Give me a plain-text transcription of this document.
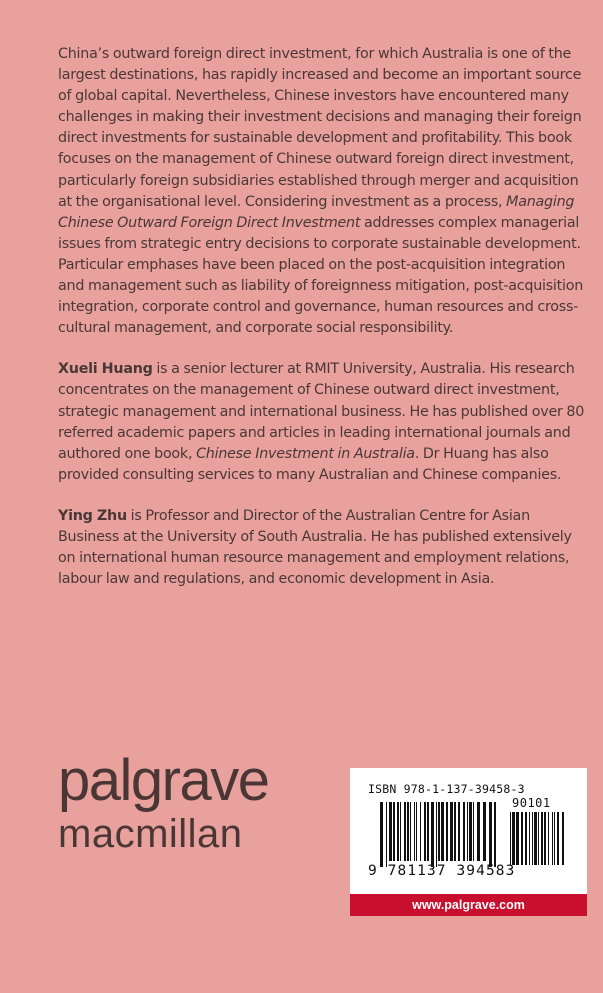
China’s outward foreign direct investment, for which Australia is one of the largest destinations, has rapidly increased and become an important source of global capital. Nevertheless, Chinese investors have encountered many challenges in making their investment decisions and managing their foreign direct investments for sustainable development and profitability. This book focuses on the management of Chinese outward foreign direct investment, particularly foreign subsidiaries established through merger and acquisition at the organisational level. Considering investment as a process, Managing Chinese Outward Foreign Direct Investment addresses complex managerial issues from strategic entry decisions to corporate sustainable development. Particular emphases have been placed on the post-acquisition integration and management such as liability of foreignness mitigation, post-acquisition integration, corporate control and governance, human resources and cross-cultural management, and corporate social responsibility.

Xueli Huang is a senior lecturer at RMIT University, Australia. His research concentrates on the management of Chinese outward direct investment, strategic management and international business. He has published over 80 referred academic papers and articles in leading international journals and authored one book, Chinese Investment in Australia. Dr Huang has also provided consulting services to many Australian and Chinese companies.

Ying Zhu is Professor and Director of the Australian Centre for Asian Business at the University of South Australia. He has published extensively on international human resource management and employment relations, labour law and regulations, and economic development in Asia.

palgrave
macmillan
ISBN 978-1-137-39458-3
90101
9 781137 394583
www.palgrave.com
